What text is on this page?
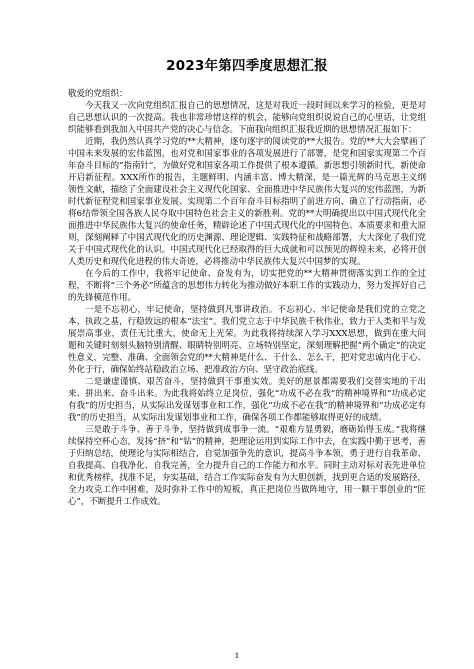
2023年第四季度思想汇报

敬爱的党组织：

今天我又一次向党组织汇报自己的思想情况，这是对我近一段时间以来学习的检验，更是对自己思想认识的一次提高。我也非常珍惜这样的机会，能够向党组织说说自己的心里话，让党组织能够看到我加入中国共产党的决心与信念。下面我向组织汇报我近期的思想情况汇报如下：

近期，我仍然认真学习党的**大精神，逐句逐字的阅读党的**大报告。党的**大大会擘画了中国未来发展的宏伟蓝图，也对党和国家事业的各项发展进行了部署，是党和国家实现第二个百年奋斗目标的“指南针”，为做好党和国家各项工作提供了根本遵循。新思想引领新时代，新使命开启新征程。XXX所作的报告，主题鲜明、内涵丰富、博大精深，是一篇光辉的马克思主义纲领性文献，描绘了全面建设社会主义现代化国家、全面推进中华民族伟大复兴的宏伟蓝图，为新时代新征程党和国家事业发展、实现第二个百年奋斗目标指明了前进方向、确立了行动指南，必将6结带领全国各族人民夺取中国特色社会主义的新胜利。党的**大明确提出以中国式现代化全面推进中华民族伟大复兴的使命任务，精辟论述了中国式现代化的中国特色、本质要求和重大原则，深刻阐释了中国式现代化的历史渊源、理论逻辑、实践特征和战略部署，大大深化了我们党关于中国式现代化的认识。中国式现代化已经取得的巨大成就和可以预见的辉煌未来，必将开创人类历史和现代化进程的伟大奇迹，必将推动中华民族伟大复兴中国梦的实现。

在今后的工作中，我将牢记使命、奋发有为，切实把党的**大精神贯彻落实到工作的全过程，不断将“三个务必”所蕴含的思想伟力转化为推动做好本职工作的实践动力，努力发挥好自己的先锋模范作用。

一是不忘初心，牢记使命，坚持做到凡事讲政治。不忘初心、牢记使命是我们党的立党之本、执政之基，行稳致远的根本“法宝”。我们党立志于中华民族千秋伟业，致力于人类和平与发展崇高事业，责任无比重大，使命无上光荣。为此我将持续深入学习XXX思想，做到在重大问题和关键时刻刻头脑特别清醒、眼睛特别明亮、立场特别坚定，深刻理解把握“两个确定”的决定性意义，完整、准确、全面领会党的**大精神是什么、干什么、怎么干，把对党忠诚内化于心、外化于行，确保始终站稳政治立场、把准政治方向、坚守政治底线。

二是谦虚谨慎、艰苦奋斗，坚持做到干事重实效。美好的愿景都需要我们交替实地的干出来、拼出来、奋斗出来。为此我将始终立足岗位，强化“功成不必在我”的精神境界和“功成必定有我”的历史担当，从实际出发谋划事业和工作，强化“功成不必在我”的精神境界和“功成必定有我”的历史担当，从实际出发谋划事业和工作，确保各项工作都能够取得更好的成绩。

三是敢于斗争、善于斗争，坚持做到成事争一流。“艰难方显勇毅，磨砺始得玉成。”我将继续保持空杯心态，发扬“挤”和“钻”的精神，把理论运用到实际工作中去，在实践中勤于思考，善于归纳总结，使理论与实际相结合，自觉加强争先的意识，提高斗争本领，勇于进行自我革命、自我提高、自我净化、自我完善，全力提升自己的工作能力和水平。同时主动对标对表先进单位和优秀榜样，找准不足，夯实基础，结合工作实际奋发有为大胆创新，找到更合适的发展路径，全力攻克工作中困难，及时弥补工作中的短板，真正把岗位当做阵地守，用一颗干事创业的“匠心”，不断提升工作成效。

1
